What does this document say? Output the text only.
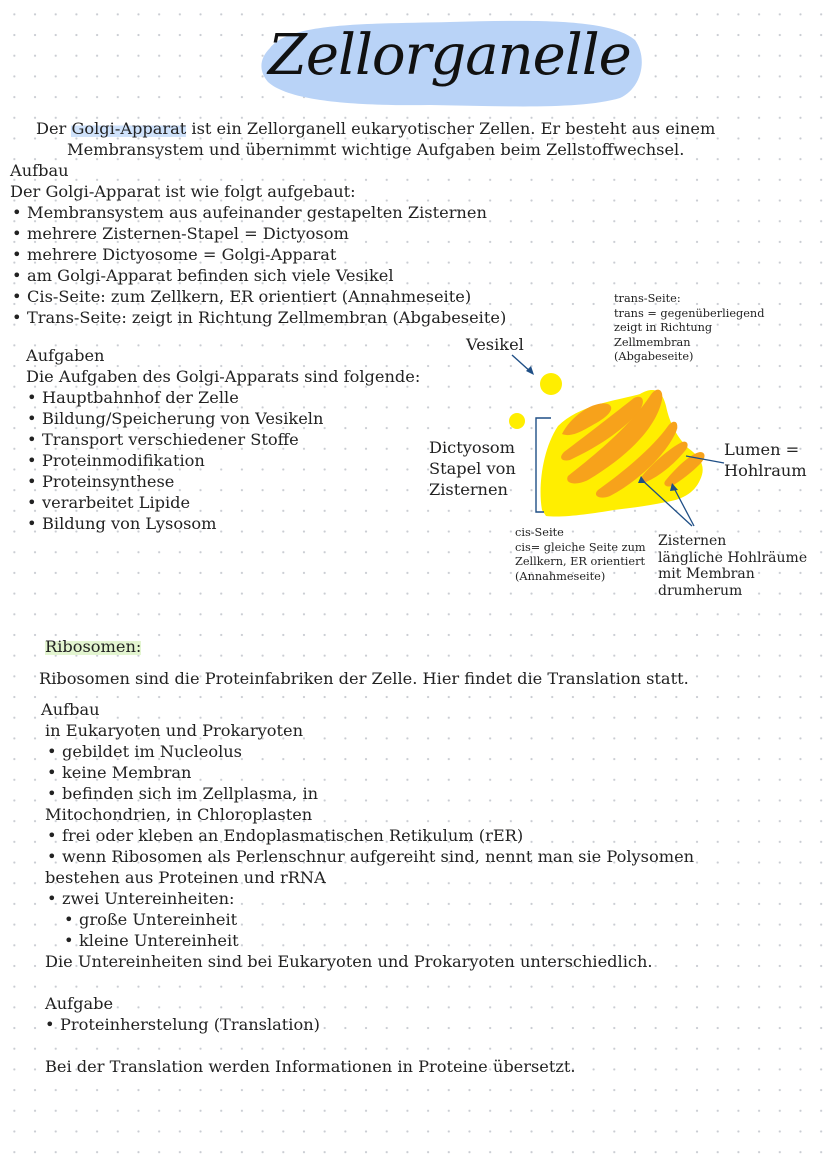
Zellorganelle
Der Golgi-Apparat ist ein Zellorganell eukaryotischer Zellen. Er besteht aus einem
Membransystem und übernimmt wichtige Aufgaben beim Zellstoffwechsel.
Aufbau
Der Golgi-Apparat ist wie folgt aufgebaut:
• Membransystem aus aufeinander gestapelten Zisternen
• mehrere Zisternen-Stapel = Dictyosom
• mehrere Dictyosome = Golgi-Apparat
• am Golgi-Apparat befinden sich viele Vesikel
• Cis-Seite: zum Zellkern, ER orientiert (Annahmeseite)
• Trans-Seite: zeigt in Richtung Zellmembran (Abgabeseite)
Aufgaben
Die Aufgaben des Golgi-Apparats sind folgende:
• Hauptbahnhof der Zelle
• Bildung/Speicherung von Vesikeln
• Transport verschiedener Stoffe
• Proteinmodifikation
• Proteinsynthese
• verarbeitet Lipide
• Bildung von Lysosom
Vesikel
trans-Seite:
trans = gegenüberliegend
zeigt in Richtung
Zellmembran
(Abgabeseite)
Dictyosom
Stapel von
Zisternen
Lumen =
Hohlraum
cis-Seite
cis= gleiche Seite zum
Zellkern, ER orientiert
(Annahmeseite)
Zisternen
längliche Hohlräume
mit Membran
drumherum
Ribosomen:
Ribosomen sind die Proteinfabriken der Zelle. Hier findet die Translation statt.
Aufbau
in Eukaryoten und Prokaryoten
• gebildet im Nucleolus
• keine Membran
• befinden sich im Zellplasma, in
Mitochondrien, in Chloroplasten
• frei oder kleben an Endoplasmatischen Retikulum (rER)
• wenn Ribosomen als Perlenschnur aufgereiht sind, nennt man sie Polysomen
bestehen aus Proteinen und rRNA
• zwei Untereinheiten:
• große Untereinheit
• kleine Untereinheit
Die Untereinheiten sind bei Eukaryoten und Prokaryoten unterschiedlich.
Aufgabe
• Proteinherstelung (Translation)
Bei der Translation werden Informationen in Proteine übersetzt.
